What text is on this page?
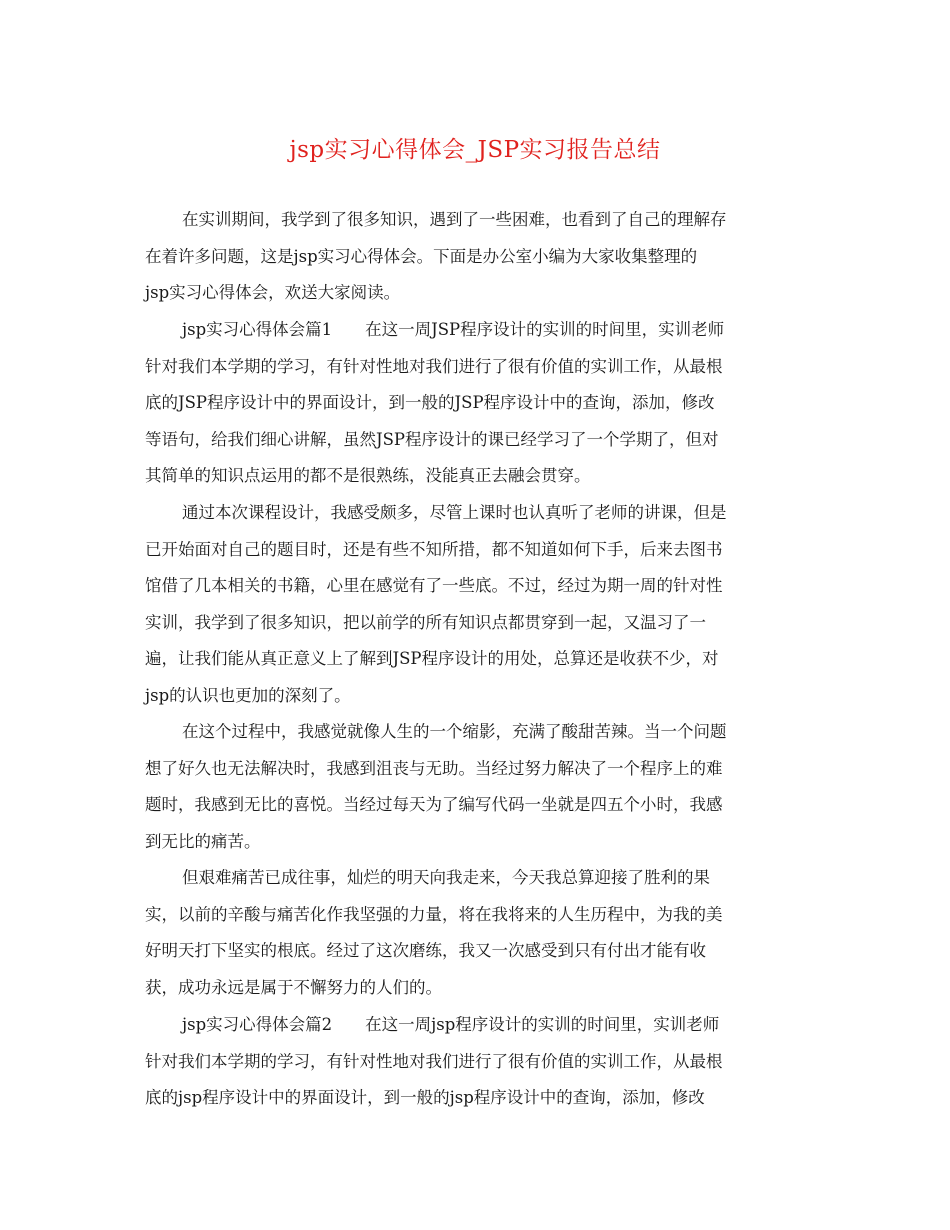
jsp实习心得体会_JSP实习报告总结
在实训期间，我学到了很多知识，遇到了一些困难，也看到了自己的理解存
在着许多问题，这是jsp实习心得体会。下面是办公室小编为大家收集整理的
jsp实习心得体会，欢送大家阅读。
jsp实习心得体会篇1　　在这一周JSP程序设计的实训的时间里，实训老师
针对我们本学期的学习，有针对性地对我们进行了很有价值的实训工作，从最根
底的JSP程序设计中的界面设计，到一般的JSP程序设计中的查询，添加，修改
等语句，给我们细心讲解，虽然JSP程序设计的课已经学习了一个学期了，但对
其简单的知识点运用的都不是很熟练，没能真正去融会贯穿。
通过本次课程设计，我感受颇多，尽管上课时也认真听了老师的讲课，但是
已开始面对自己的题目时，还是有些不知所措，都不知道如何下手，后来去图书
馆借了几本相关的书籍，心里在感觉有了一些底。不过，经过为期一周的针对性
实训，我学到了很多知识，把以前学的所有知识点都贯穿到一起，又温习了一
遍，让我们能从真正意义上了解到JSP程序设计的用处，总算还是收获不少，对
jsp的认识也更加的深刻了。
在这个过程中，我感觉就像人生的一个缩影，充满了酸甜苦辣。当一个问题
想了好久也无法解决时，我感到沮丧与无助。当经过努力解决了一个程序上的难
题时，我感到无比的喜悦。当经过每天为了编写代码一坐就是四五个小时，我感
到无比的痛苦。
但艰难痛苦已成往事，灿烂的明天向我走来，今天我总算迎接了胜利的果
实，以前的辛酸与痛苦化作我坚强的力量，将在我将来的人生历程中，为我的美
好明天打下坚实的根底。经过了这次磨练，我又一次感受到只有付出才能有收
获，成功永远是属于不懈努力的人们的。
jsp实习心得体会篇2　　在这一周jsp程序设计的实训的时间里，实训老师
针对我们本学期的学习，有针对性地对我们进行了很有价值的实训工作，从最根
底的jsp程序设计中的界面设计，到一般的jsp程序设计中的查询，添加，修改
